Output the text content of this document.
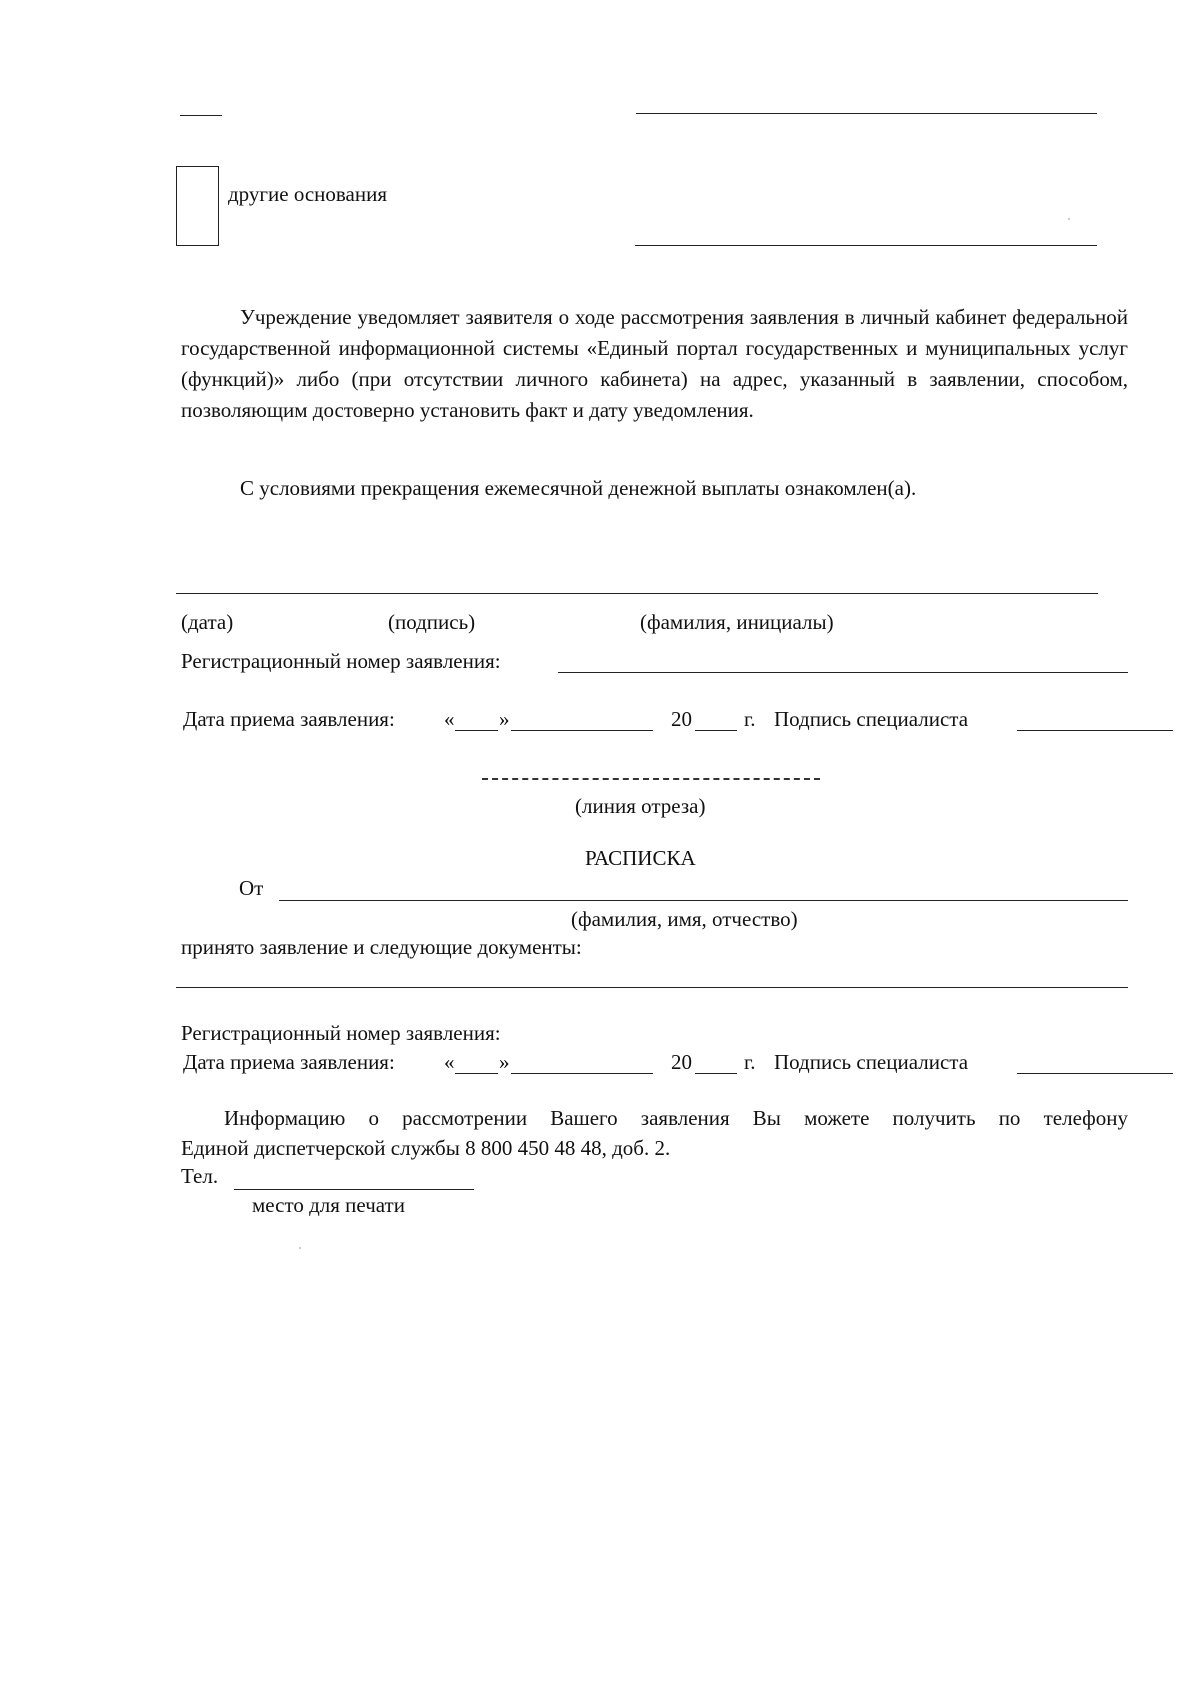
другие основания
Учреждение уведомляет заявителя о ходе рассмотрения заявления в личный кабинет федеральной государственной информационной системы «Единый портал государственных и муниципальных услуг (функций)» либо (при отсутствии личного кабинета) на адрес, указанный в заявлении, способом, позволяющим достоверно установить факт и дату уведомления.
С условиями прекращения ежемесячной денежной выплаты ознакомлен(а).
(дата)	(подпись)	(фамилия, инициалы)
Регистрационный номер заявления:
Дата приема заявления: « »	20 г. Подпись специалиста
(линия отреза)
РАСПИСКА
От
(фамилия, имя, отчество)
принято заявление и следующие документы:
Регистрационный номер заявления:
Дата приема заявления: « »	20 г. Подпись специалиста
Информацию о рассмотрении Вашего заявления Вы можете получить по телефону
Единой диспетчерской службы 8 800 450 48 48, доб. 2.
Тел.
место для печати
